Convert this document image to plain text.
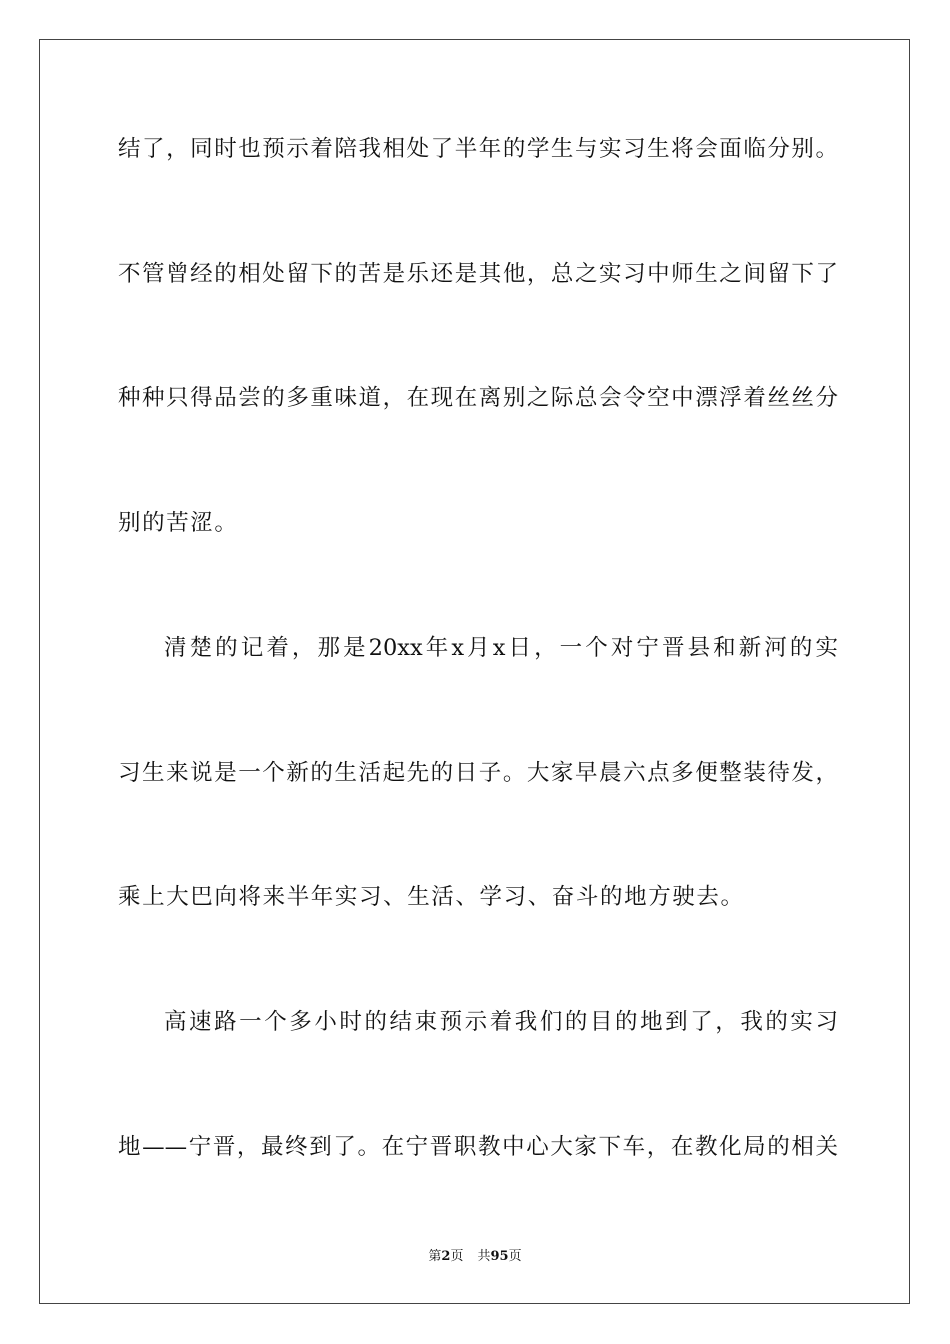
结了，同时也预示着陪我相处了半年的学生与实习生将会面临分别。
不管曾经的相处留下的苦是乐还是其他，总之实习中师生之间留下了
种种只得品尝的多重味道，在现在离别之际总会令空中漂浮着丝丝分
别的苦涩。
清楚的记着，那是20xx年x月x日，一个对宁晋县和新河的实
习生来说是一个新的生活起先的日子。大家早晨六点多便整装待发，
乘上大巴向将来半年实习、生活、学习、奋斗的地方驶去。
高速路一个多小时的结束预示着我们的目的地到了，我的实习
地——宁晋，最终到了。在宁晋职教中心大家下车，在教化局的相关
第2页 共95页
